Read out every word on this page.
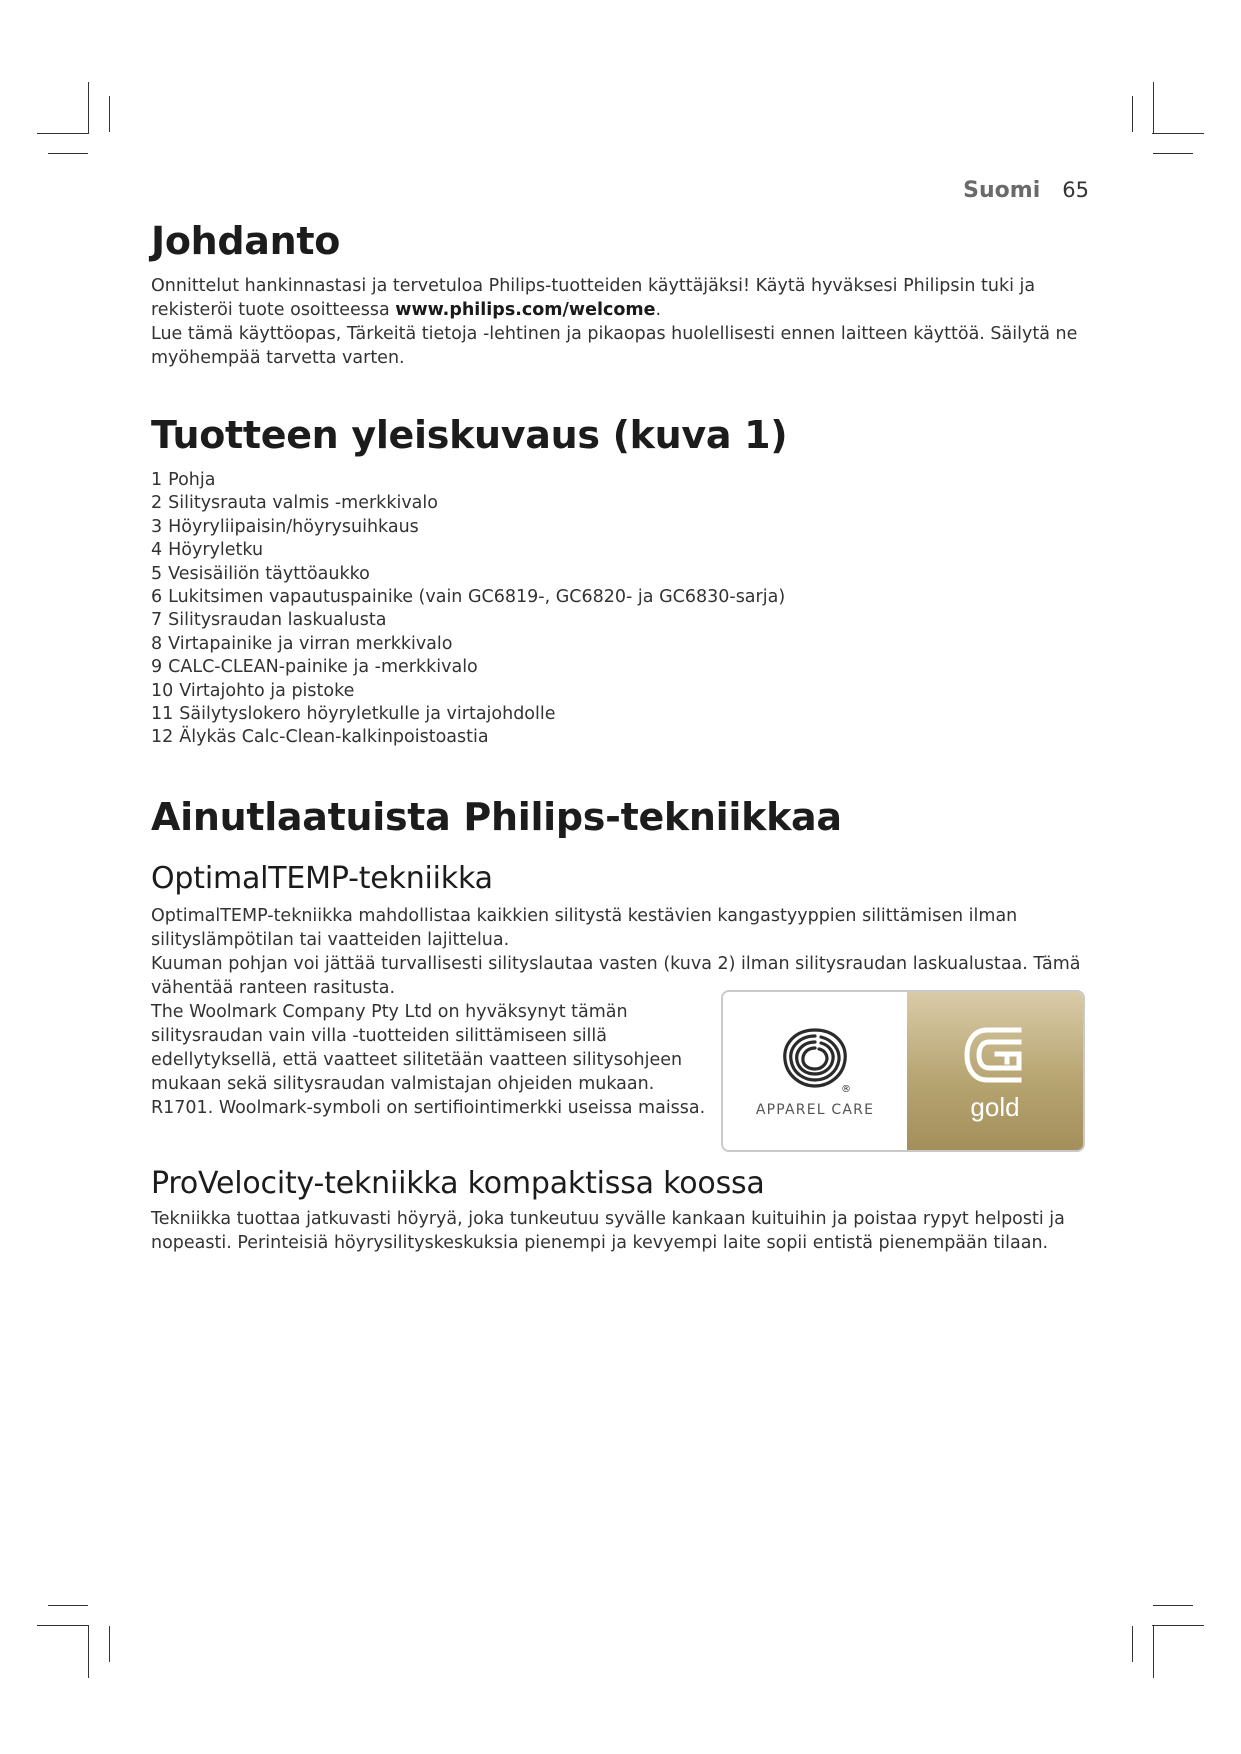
Suomi 65
Johdanto

Onnittelut hankinnastasi ja tervetuloa Philips-tuotteiden käyttäjäksi! Käytä hyväksesi Philipsin tuki ja rekisteröi tuote osoitteessa www.philips.com/welcome.

Lue tämä käyttöopas, Tärkeitä tietoja -lehtinen ja pikaopas huolellisesti ennen laitteen käyttöä. Säilytä ne myöhempää tarvetta varten.

Tuotteen yleiskuvaus (kuva 1)
1 Pohja
2 Silitysrauta valmis -merkkivalo
3 Höyryliipaisin/höyrysuihkaus
4 Höyryletku
5 Vesisäiliön täyttöaukko
6 Lukitsimen vapautuspainike (vain GC6819-, GC6820- ja GC6830-sarja)
7 Silitysraudan laskualusta
8 Virtapainike ja virran merkkivalo
9 CALC-CLEAN-painike ja -merkkivalo
10 Virtajohto ja pistoke
11 Säilytyslokero höyryletkulle ja virtajohdolle
12 Älykäs Calc-Clean-kalkinpoistoastia
Ainutlaatuista Philips-tekniikkaa
OptimalTEMP-tekniikka

OptimalTEMP-tekniikka mahdollistaa kaikkien silitystä kestävien kangastyyppien silittämisen ilman silityslämpötilan tai vaatteiden lajittelua.

Kuuman pohjan voi jättää turvallisesti silityslautaa vasten (kuva 2) ilman silitysraudan laskualustaa. Tämä vähentää ranteen rasitusta.

The Woolmark Company Pty Ltd on hyväksynyt tämän silitysraudan vain villa -tuotteiden silittämiseen sillä edellytyksellä, että vaatteet silitetään vaatteen silitysohjeen mukaan sekä silitysraudan valmistajan ohjeiden mukaan. R1701. Woolmark-symboli on sertifiointimerkki useissa maissa.

®
APPAREL CARE	gold
ProVelocity-tekniikka kompaktissa koossa

Tekniikka tuottaa jatkuvasti höyryä, joka tunkeutuu syvälle kankaan kuituihin ja poistaa rypyt helposti ja nopeasti. Perinteisiä höyrysilityskeskuksia pienempi ja kevyempi laite sopii entistä pienempään tilaan.
